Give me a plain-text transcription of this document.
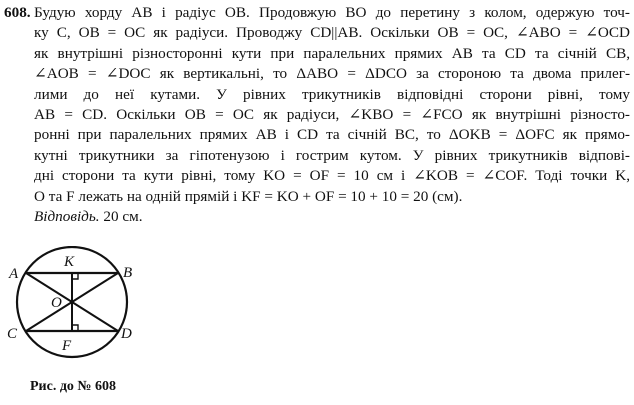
608. Будую хорду AB і радіус OB. Продовжую BO до перетину з колом, одержую точ-
ку C, OB = OC як радіуси. Проводжу CD||AB. Оскільки OB = OC, ∠ABO = ∠OCD
як внутрішні різносторонні кути при паралельних прямих AB та CD та січній CB,
∠AOB = ∠DOC як вертикальні, то ΔABO = ΔDCO за стороною та двома прилег-
лими до неї кутами. У рівних трикутників відповідні сторони рівні, тому
AB = CD. Оскільки OB = OC як радіуси, ∠KBO = ∠FCO як внутрішні різносто-
ронні при паралельних прямих AB і CD та січній BC, то ΔOKB = ΔOFC як прямо-
кутні трикутники за гіпотенузою і гострим кутом. У рівних трикутників відпові-
дні сторони та кути рівні, тому KO = OF = 10 см і ∠KOB = ∠COF. Тоді точки K,
O та F лежать на одній прямій і KF = KO + OF = 10 + 10 = 20 (см).
Відповідь. 20 см.
A	B
C	D
K
O
F
Рис. до № 608
